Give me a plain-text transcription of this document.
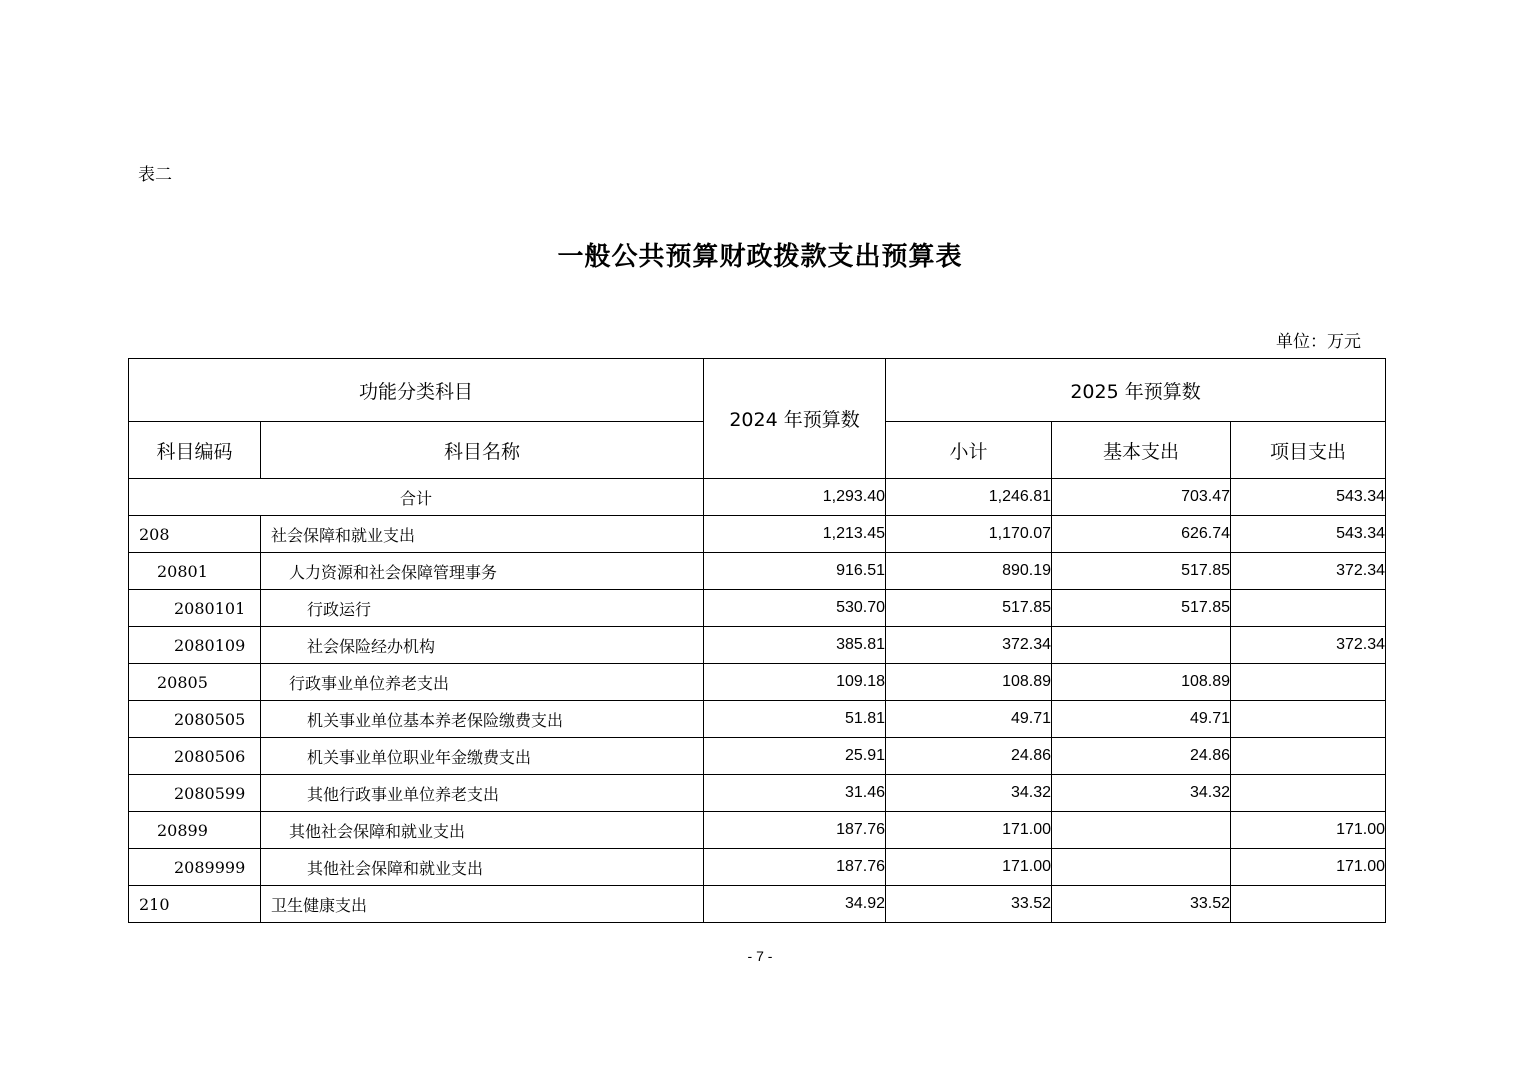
表二
一般公共预算财政拨款支出预算表
单位：万元
功能分类科目		2024 年预算数	2025 年预算数		
科目编码	科目名称		小计	基本支出	项目支出
合计		1,293.40	1,246.81	703.47	543.34
208	社会保障和就业支出	1,213.45	1,170.07	626.74	543.34
20801	人力资源和社会保障管理事务	916.51	890.19	517.85	372.34
2080101	行政运行	530.70	517.85	517.85	
2080109	社会保险经办机构	385.81	372.34		372.34
20805	行政事业单位养老支出	109.18	108.89	108.89	
2080505	机关事业单位基本养老保险缴费支出	51.81	49.71	49.71	
2080506	机关事业单位职业年金缴费支出	25.91	24.86	24.86	
2080599	其他行政事业单位养老支出	31.46	34.32	34.32	
20899	其他社会保障和就业支出	187.76	171.00		171.00
2089999	其他社会保障和就业支出	187.76	171.00		171.00
210	卫生健康支出	34.92	33.52	33.52	
- 7 -
